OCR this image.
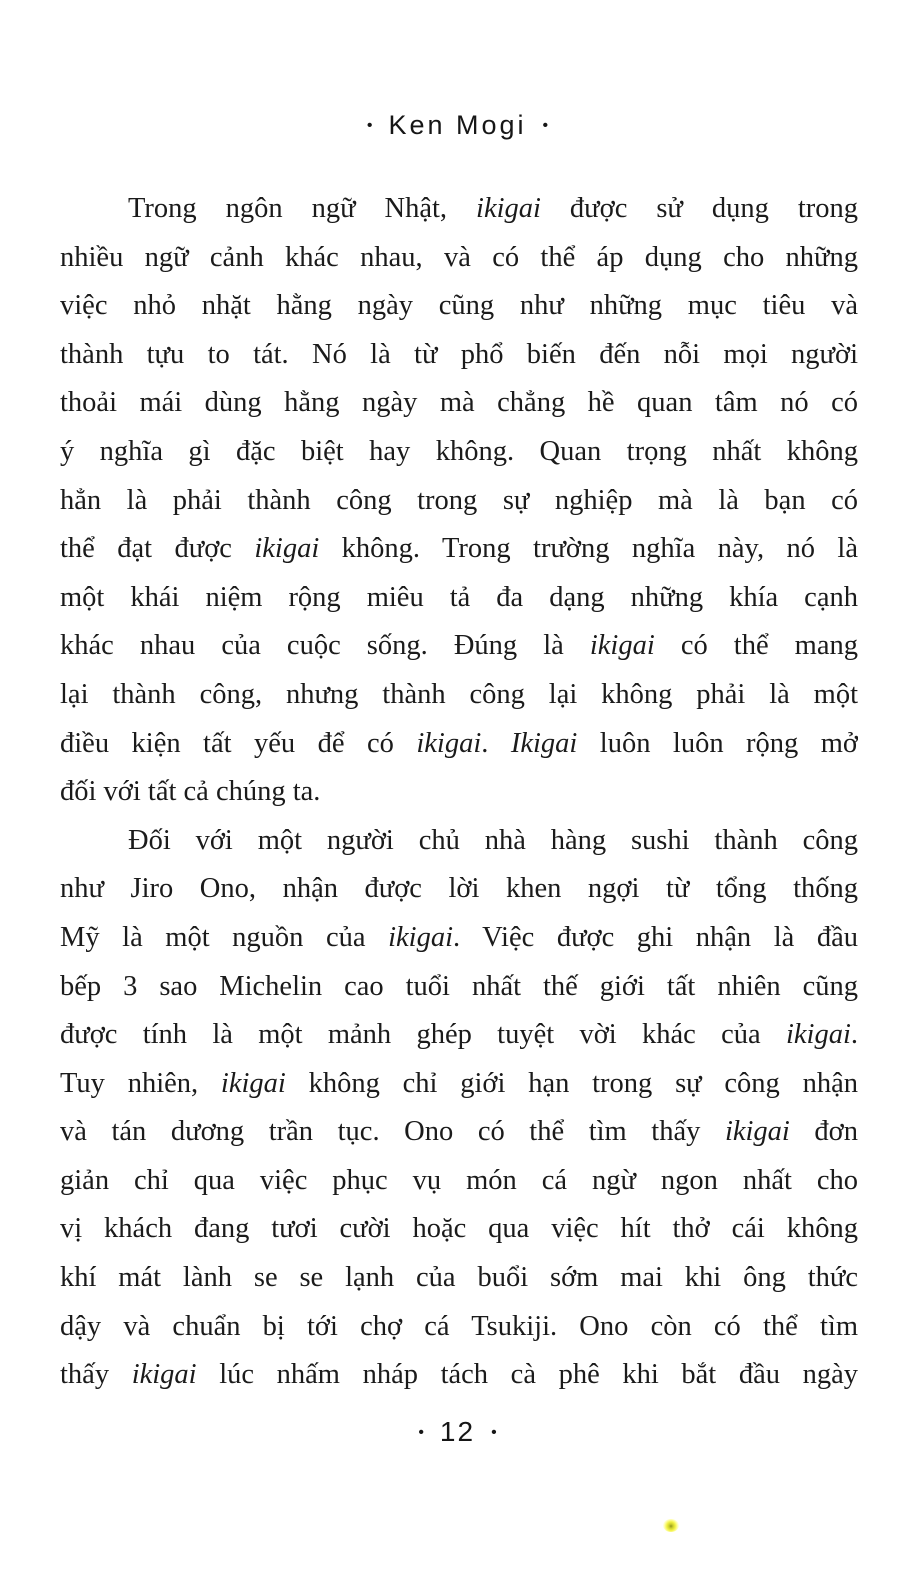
• Ken Mogi •
Trong ngôn ngữ Nhật, ikigai được sử dụng trong
nhiều ngữ cảnh khác nhau, và có thể áp dụng cho những
việc nhỏ nhặt hằng ngày cũng như những mục tiêu và
thành tựu to tát. Nó là từ phổ biến đến nỗi mọi người
thoải mái dùng hằng ngày mà chẳng hề quan tâm nó có
ý nghĩa gì đặc biệt hay không. Quan trọng nhất không
hẳn là phải thành công trong sự nghiệp mà là bạn có
thể đạt được ikigai không. Trong trường nghĩa này, nó là
một khái niệm rộng miêu tả đa dạng những khía cạnh
khác nhau của cuộc sống. Đúng là ikigai có thể mang
lại thành công, nhưng thành công lại không phải là một
điều kiện tất yếu để có ikigai. Ikigai luôn luôn rộng mở
đối với tất cả chúng ta.
Đối với một người chủ nhà hàng sushi thành công
như Jiro Ono, nhận được lời khen ngợi từ tổng thống
Mỹ là một nguồn của ikigai. Việc được ghi nhận là đầu
bếp 3 sao Michelin cao tuổi nhất thế giới tất nhiên cũng
được tính là một mảnh ghép tuyệt vời khác của ikigai.
Tuy nhiên, ikigai không chỉ giới hạn trong sự công nhận
và tán dương trần tục. Ono có thể tìm thấy ikigai đơn
giản chỉ qua việc phục vụ món cá ngừ ngon nhất cho
vị khách đang tươi cười hoặc qua việc hít thở cái không
khí mát lành se se lạnh của buổi sớm mai khi ông thức
dậy và chuẩn bị tới chợ cá Tsukiji. Ono còn có thể tìm
thấy ikigai lúc nhấm nháp tách cà phê khi bắt đầu ngày
• 12 •
